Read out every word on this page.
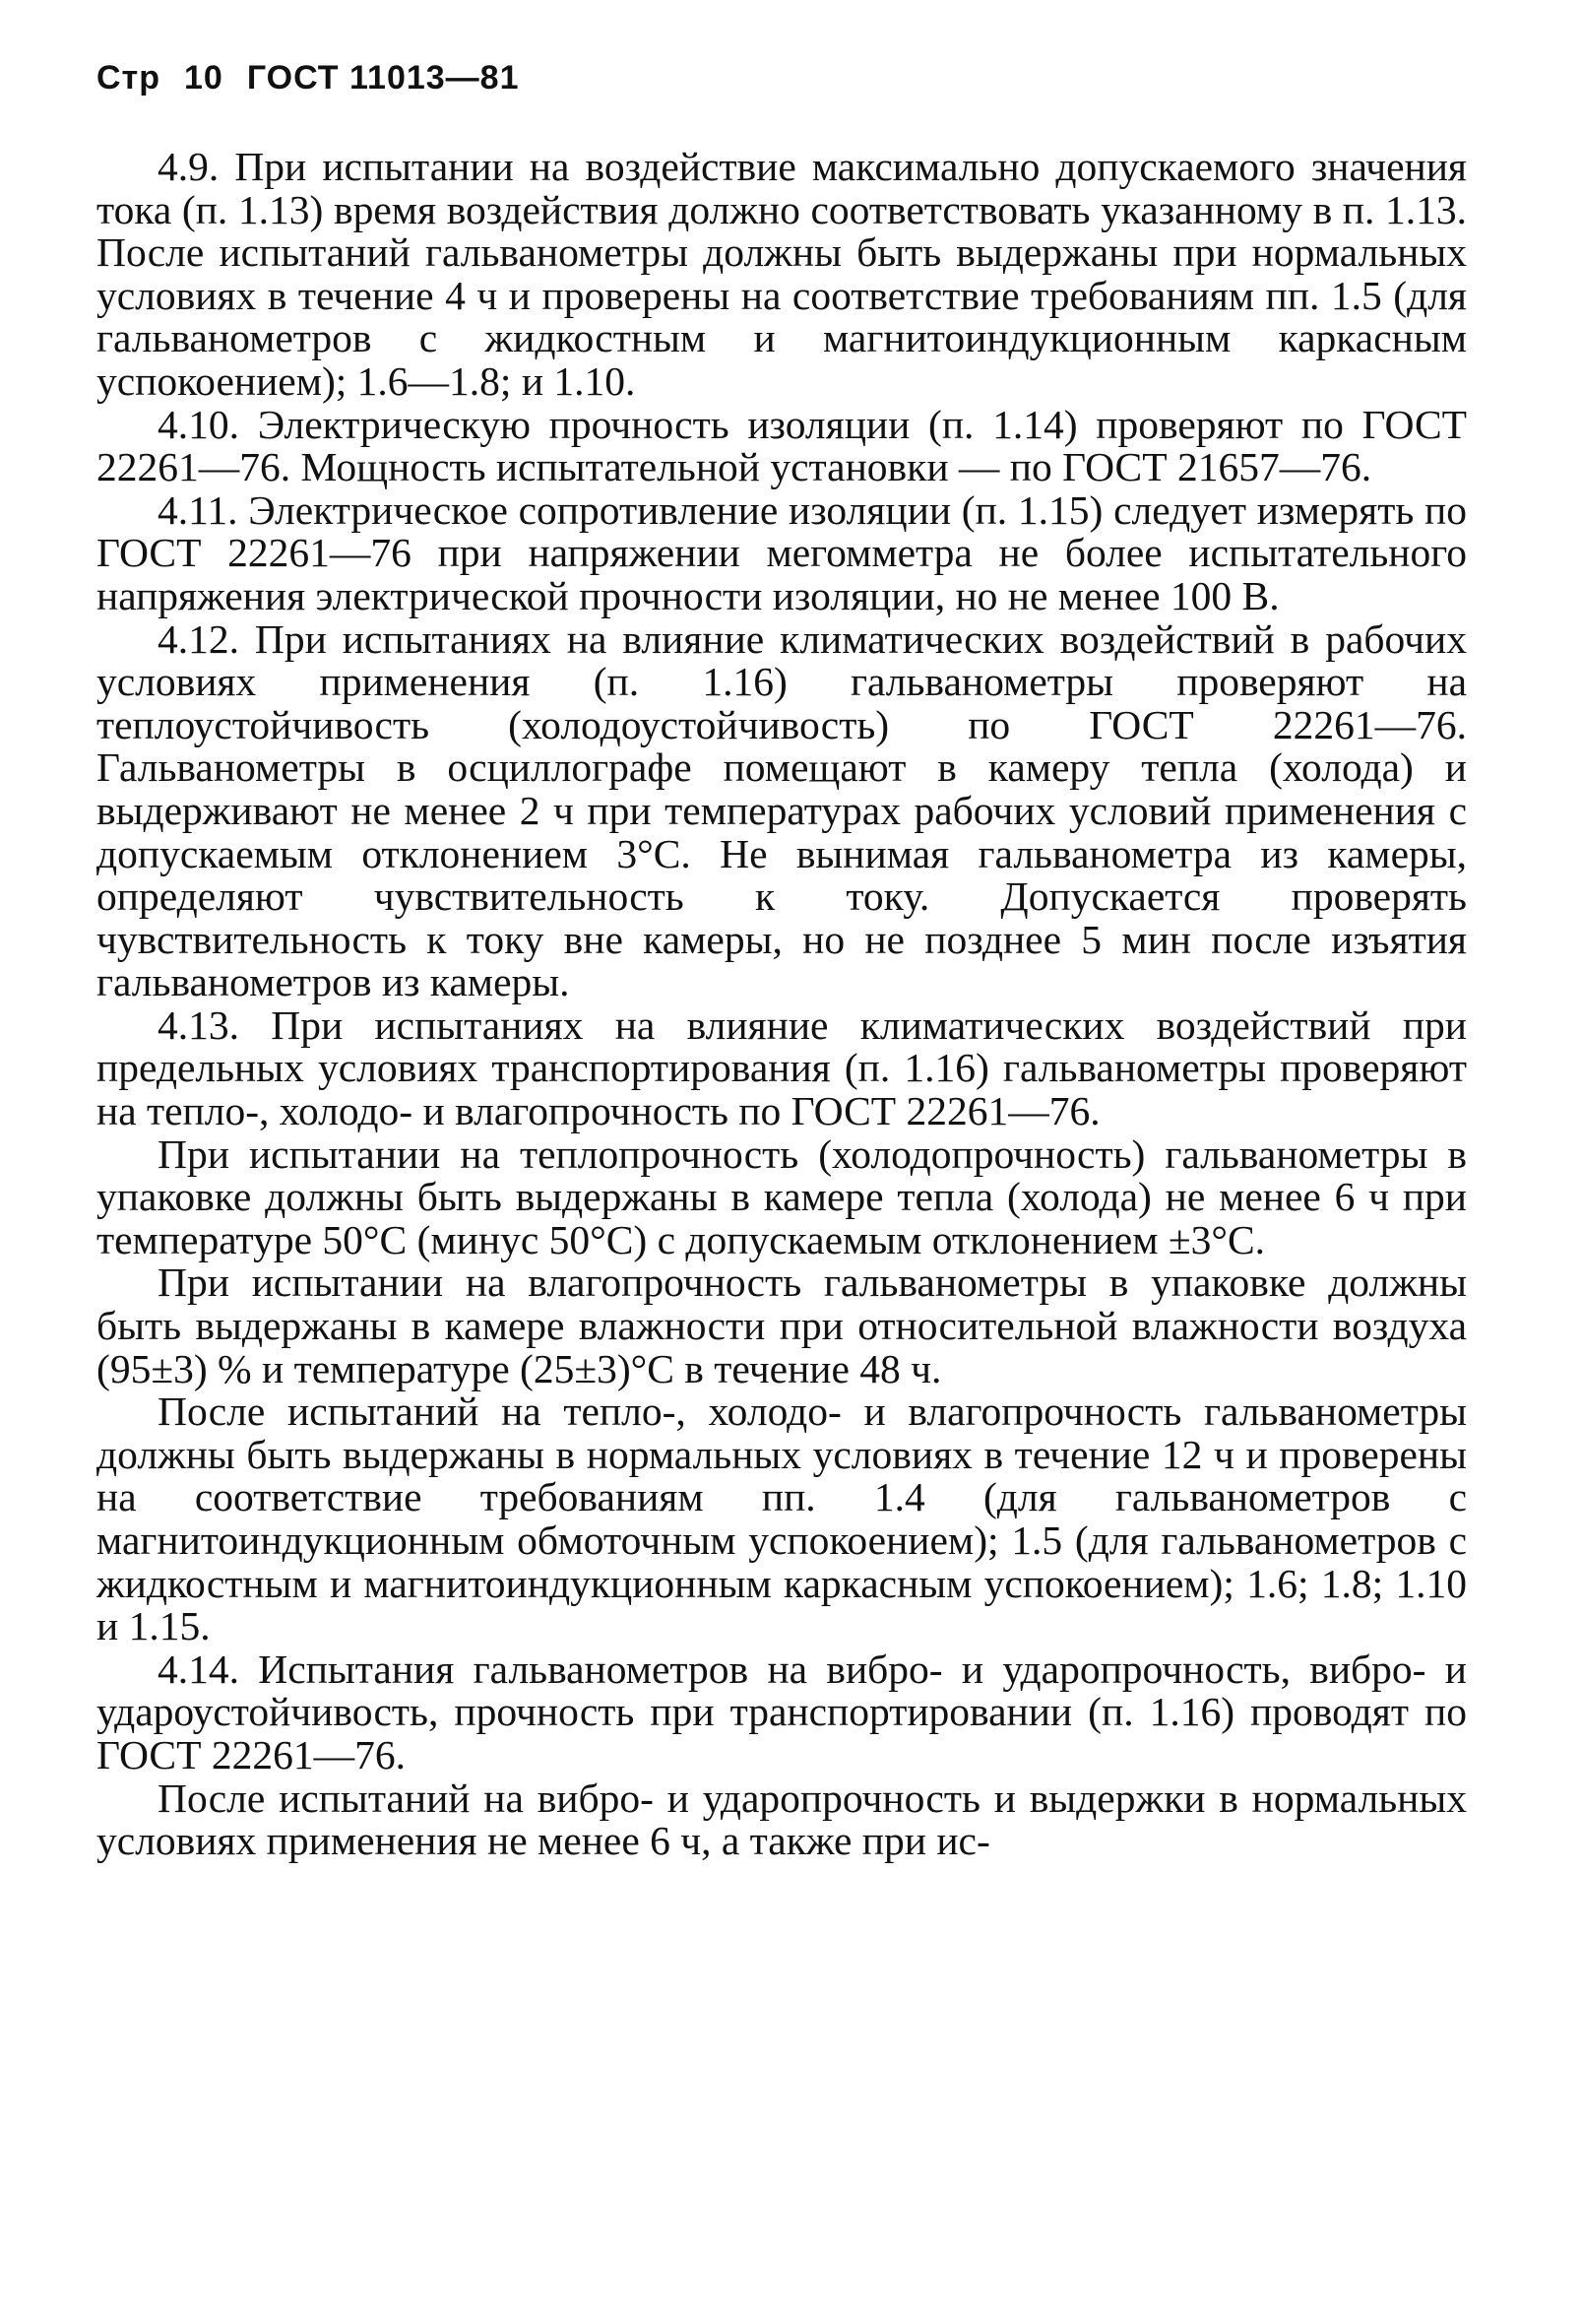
Стр 10 ГОСТ 11013—81

4.9. При испытании на воздействие максимально допускаемого значения тока (п. 1.13) время воздействия должно соответствовать указанному в п. 1.13. После испытаний гальванометры должны быть выдержаны при нормальных условиях в течение 4 ч и проверены на соответствие требованиям пп. 1.5 (для гальванометров с жидкостным и магнитоиндукционным каркасным успокоением); 1.6—1.8; и 1.10.

4.10. Электрическую прочность изоляции (п. 1.14) проверяют по ГОСТ 22261—76. Мощность испытательной установки — по ГОСТ 21657—76.

4.11. Электрическое сопротивление изоляции (п. 1.15) следует измерять по ГОСТ 22261—76 при напряжении мегомметра не более испытательного напряжения электрической прочности изоляции, но не менее 100 В.

4.12. При испытаниях на влияние климатических воздействий в рабочих условиях применения (п. 1.16) гальванометры проверяют на теплоустойчивость (холодоустойчивость) по ГОСТ 22261—76. Гальванометры в осциллографе помещают в камеру тепла (холода) и выдерживают не менее 2 ч при температурах рабочих условий применения с допускаемым отклонением 3°С. Не вынимая гальванометра из камеры, определяют чувствительность к току. Допускается проверять чувствительность к току вне камеры, но не позднее 5 мин после изъятия гальванометров из камеры.

4.13. При испытаниях на влияние климатических воздействий при предельных условиях транспортирования (п. 1.16) гальванометры проверяют на тепло-, холодо- и влагопрочность по ГОСТ 22261—76.

При испытании на теплопрочность (холодопрочность) гальванометры в упаковке должны быть выдержаны в камере тепла (холода) не менее 6 ч при температуре 50°С (минус 50°С) с допускаемым отклонением ±3°С.

При испытании на влагопрочность гальванометры в упаковке должны быть выдержаны в камере влажности при относительной влажности воздуха (95±3) % и температуре (25±3)°С в течение 48 ч.

После испытаний на тепло-, холодо- и влагопрочность гальванометры должны быть выдержаны в нормальных условиях в течение 12 ч и проверены на соответствие требованиям пп. 1.4 (для гальванометров с магнитоиндукционным обмоточным успокоением); 1.5 (для гальванометров с жидкостным и магнитоиндукционным каркасным успокоением); 1.6; 1.8; 1.10 и 1.15.

4.14. Испытания гальванометров на вибро- и ударопрочность, вибро- и удароустойчивость, прочность при транспортировании (п. 1.16) проводят по ГОСТ 22261—76.

После испытаний на вибро- и ударопрочность и выдержки в нормальных условиях применения не менее 6 ч, а также при ис-
